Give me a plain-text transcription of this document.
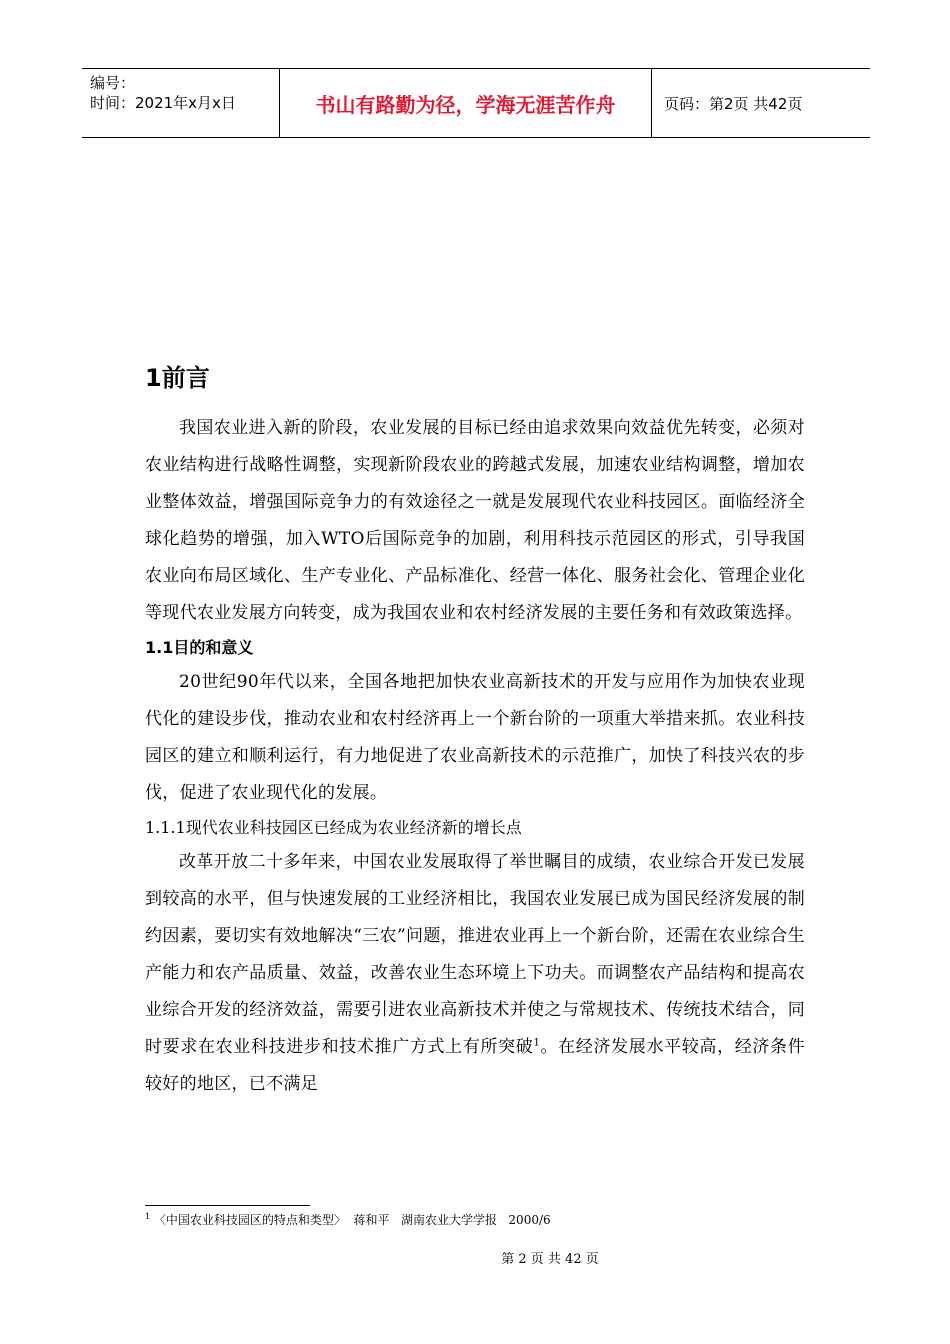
编号：
时间：2021年x月x日	书山有路勤为径，学海无涯苦作舟	页码：第2页 共42页
1前言

我国农业进入新的阶段，农业发展的目标已经由追求效果向效益优先转变，必须对农业结构进行战略性调整，实现新阶段农业的跨越式发展，加速农业结构调整，增加农业整体效益，增强国际竞争力的有效途径之一就是发展现代农业科技园区。面临经济全球化趋势的增强，加入WTO后国际竞争的加剧，利用科技示范园区的形式，引导我国农业向布局区域化、生产专业化、产品标准化、经营一体化、服务社会化、管理企业化等现代农业发展方向转变，成为我国农业和农村经济发展的主要任务和有效政策选择。

1.1目的和意义

20世纪90年代以来，全国各地把加快农业高新技术的开发与应用作为加快农业现代化的建设步伐，推动农业和农村经济再上一个新台阶的一项重大举措来抓。农业科技园区的建立和顺利运行，有力地促进了农业高新技术的示范推广，加快了科技兴农的步伐，促进了农业现代化的发展。

1.1.1现代农业科技园区已经成为农业经济新的增长点

改革开放二十多年来，中国农业发展取得了举世瞩目的成绩，农业综合开发已发展到较高的水平，但与快速发展的工业经济相比，我国农业发展已成为国民经济发展的制约因素，要切实有效地解决“三农”问题，推进农业再上一个新台阶，还需在农业综合生产能力和农产品质量、效益，改善农业生态环境上下功夫。而调整农产品结构和提高农业综合开发的经济效益，需要引进农业高新技术并使之与常规技术、传统技术结合，同时要求在农业科技进步和技术推广方式上有所突破$^1$。在经济发展水平较高，经济条件较好的地区，已不满足

$^1$ 〈中国农业科技园区的特点和类型〉  蒋和平   湖南农业大学学报   2000/6
第 2 页 共 42 页
